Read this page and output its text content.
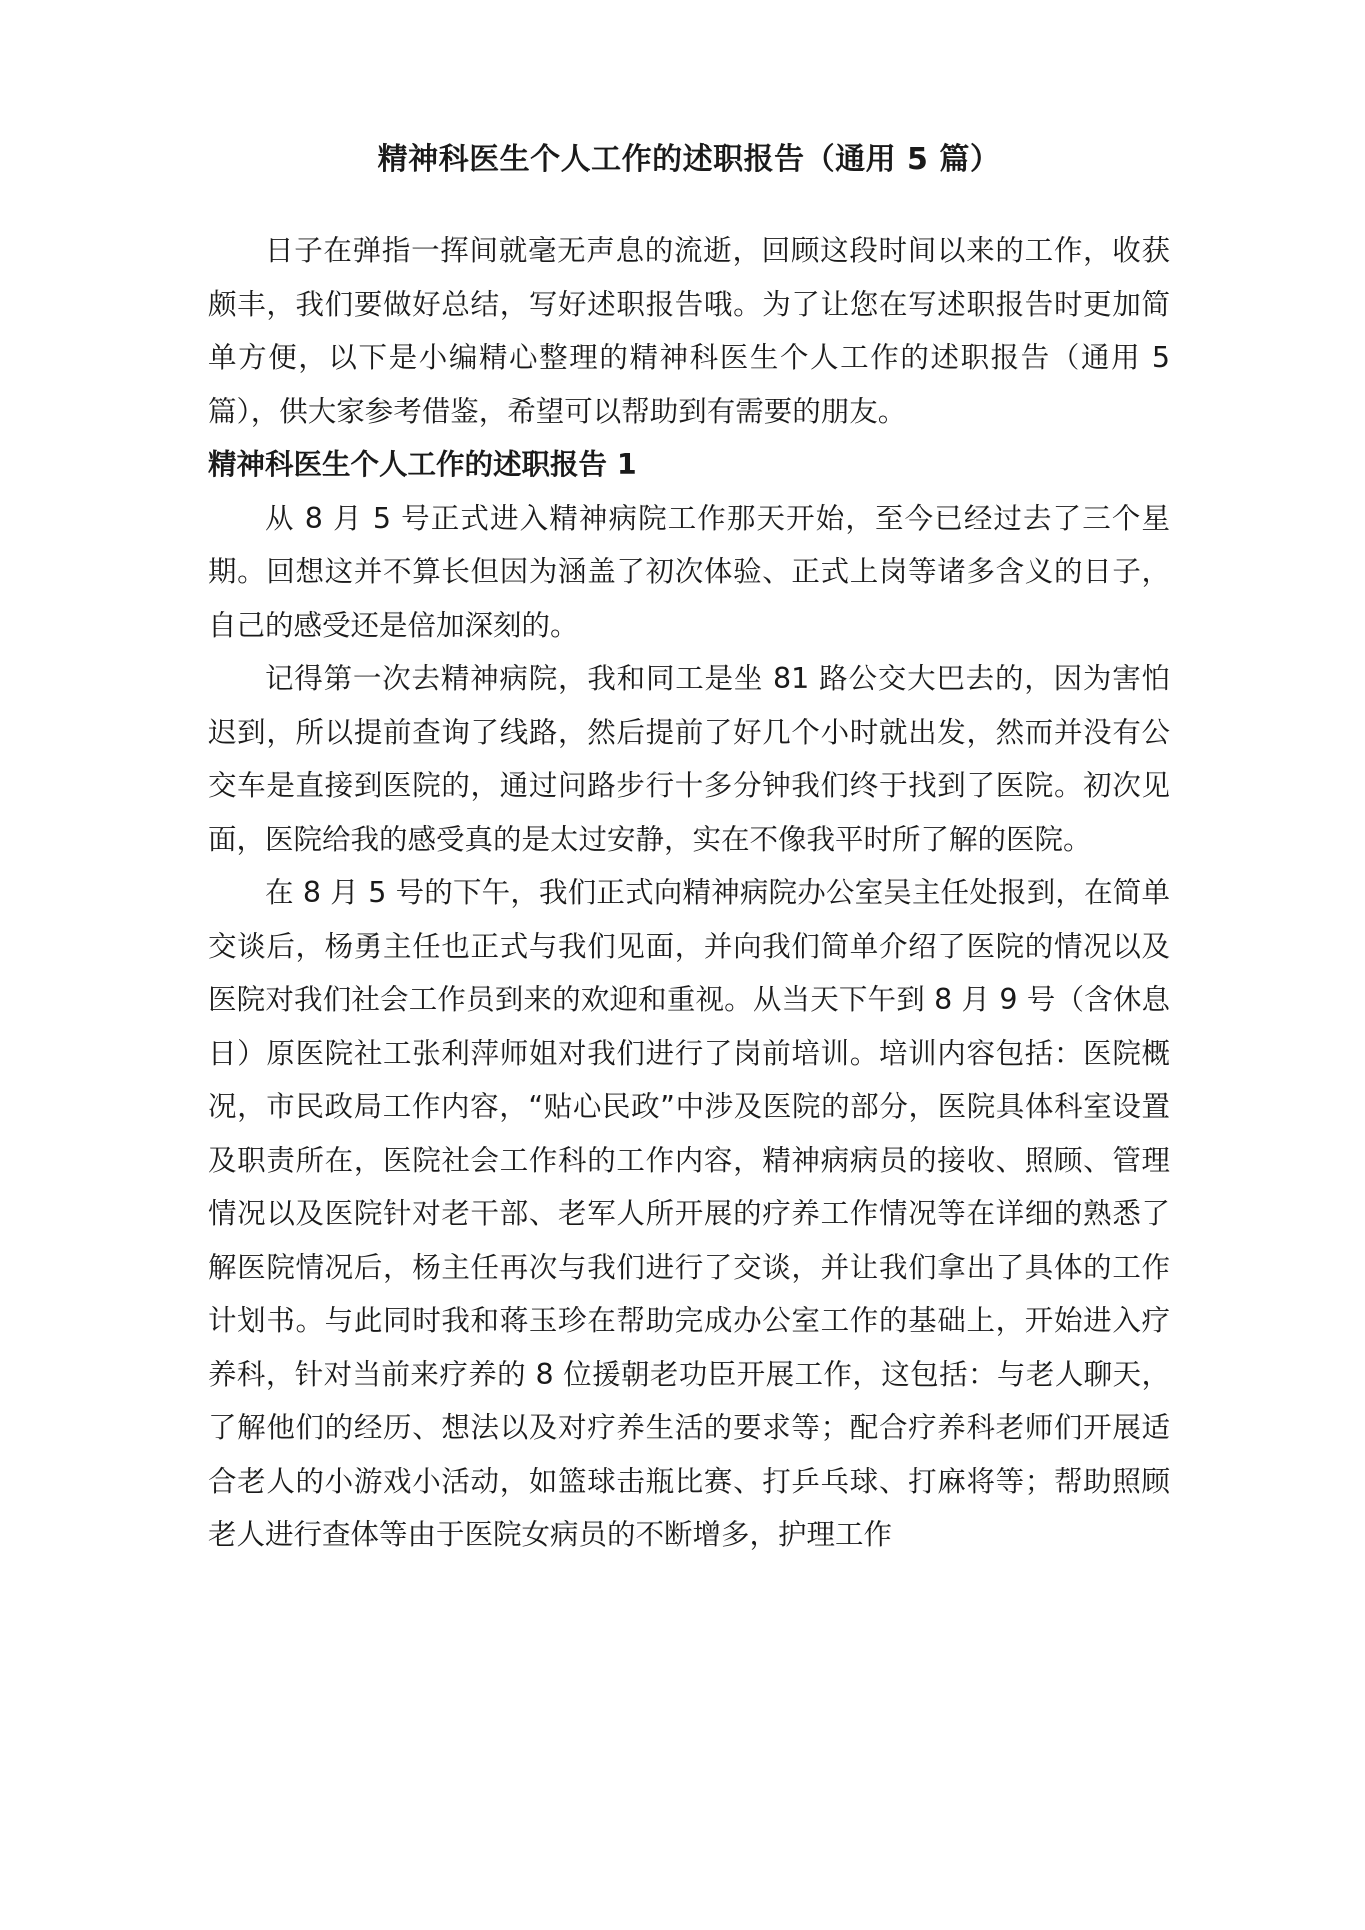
精神科医生个人工作的述职报告（通用 5 篇）

日子在弹指一挥间就毫无声息的流逝，回顾这段时间以来的工作，收获颇丰，我们要做好总结，写好述职报告哦。为了让您在写述职报告时更加简单方便，以下是小编精心整理的精神科医生个人工作的述职报告（通用 5 篇），供大家参考借鉴，希望可以帮助到有需要的朋友。

精神科医生个人工作的述职报告 1

从 8 月 5 号正式进入精神病院工作那天开始，至今已经过去了三个星期。回想这并不算长但因为涵盖了初次体验、正式上岗等诸多含义的日子，自己的感受还是倍加深刻的。

记得第一次去精神病院，我和同工是坐 81 路公交大巴去的，因为害怕迟到，所以提前查询了线路，然后提前了好几个小时就出发，然而并没有公交车是直接到医院的，通过问路步行十多分钟我们终于找到了医院。初次见面，医院给我的感受真的是太过安静，实在不像我平时所了解的医院。

在 8 月 5 号的下午，我们正式向精神病院办公室吴主任处报到，在简单交谈后，杨勇主任也正式与我们见面，并向我们简单介绍了医院的情况以及医院对我们社会工作员到来的欢迎和重视。从当天下午到 8 月 9 号（含休息日）原医院社工张利萍师姐对我们进行了岗前培训。培训内容包括：医院概况，市民政局工作内容，“贴心民政”中涉及医院的部分，医院具体科室设置及职责所在，医院社会工作科的工作内容，精神病病员的接收、照顾、管理情况以及医院针对老干部、老军人所开展的疗养工作情况等在详细的熟悉了解医院情况后，杨主任再次与我们进行了交谈，并让我们拿出了具体的工作计划书。与此同时我和蒋玉珍在帮助完成办公室工作的基础上，开始进入疗养科，针对当前来疗养的 8 位援朝老功臣开展工作，这包括：与老人聊天，了解他们的经历、想法以及对疗养生活的要求等；配合疗养科老师们开展适合老人的小游戏小活动，如篮球击瓶比赛、打乒乓球、打麻将等；帮助照顾老人进行查体等由于医院女病员的不断增多，护理工作
